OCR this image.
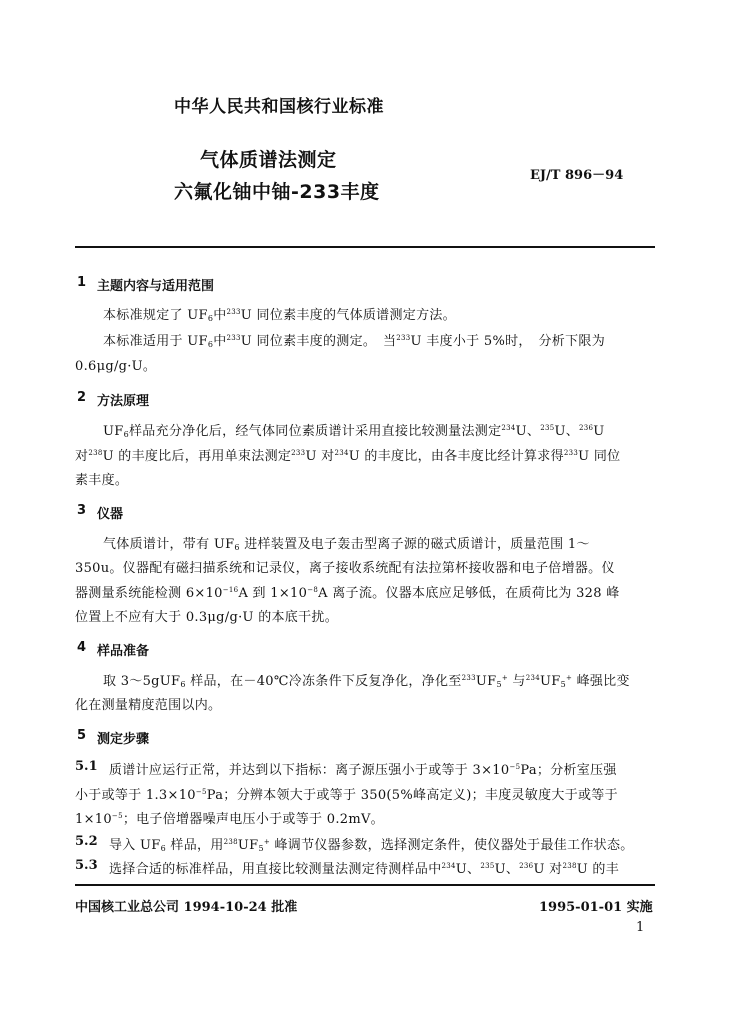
中华人民共和国核行业标准
气体质谱法测定
六氟化铀中铀-233丰度
EJ/T 896－94
1 主题内容与适用范围
本标准规定了 $UF_6$中$^{233}$U 同位素丰度的气体质谱测定方法。
本标准适用于 $UF_6$中$^{233}$U 同位素丰度的测定。　当$^{233}$U 丰度小于 5%时，　分析下限为
0.6μg/g·U。
2 方法原理
$UF_6$样品充分净化后，经气体同位素质谱计采用直接比较测量法测定$^{234}$U、$^{235}$U、$^{236}$U
对$^{238}$U 的丰度比后，再用单束法测定$^{233}$U 对$^{234}$U 的丰度比，由各丰度比经计算求得$^{233}$U 同位
素丰度。
3 仪器
气体质谱计，带有 $UF_6$ 进样装置及电子轰击型离子源的磁式质谱计，质量范围 1～
350u。仪器配有磁扫描系统和记录仪，离子接收系统配有法拉第杯接收器和电子倍增器。仪
器测量系统能检测 $6\times 10^{-16}A$ 到 $1\times 10^{-8}A$ 离子流。仪器本底应足够低，在质荷比为 328 峰
位置上不应有大于 0.3μg/g·U 的本底干扰。
4 样品准备
取 3～5gUF$_6$ 样品，在－40℃冷冻条件下反复净化，净化至$^{233}UF_5^+$ 与$^{234}UF_5^+$ 峰强比变
化在测量精度范围以内。
5 测定步骤
5.1 质谱计应运行正常，并达到以下指标：离子源压强小于或等于 $3\times 10^{-5}Pa$；分析室压强
小于或等于 $1.3\times 10^{-5}Pa$；分辨本领大于或等于 350(5%峰高定义)；丰度灵敏度大于或等于
$1\times 10^{-5}$；电子倍增器噪声电压小于或等于 0.2mV。
5.2 导入 $UF_6$ 样品，用$^{238}UF_5^+$ 峰调节仪器参数，选择测定条件，使仪器处于最佳工作状态。
5.3 选择合适的标准样品，用直接比较测量法测定待测样品中$^{234}$U、$^{235}$U、$^{236}$U 对$^{238}$U 的丰
中国核工业总公司 1994-10-24 批准	1995-01-01 实施
1
